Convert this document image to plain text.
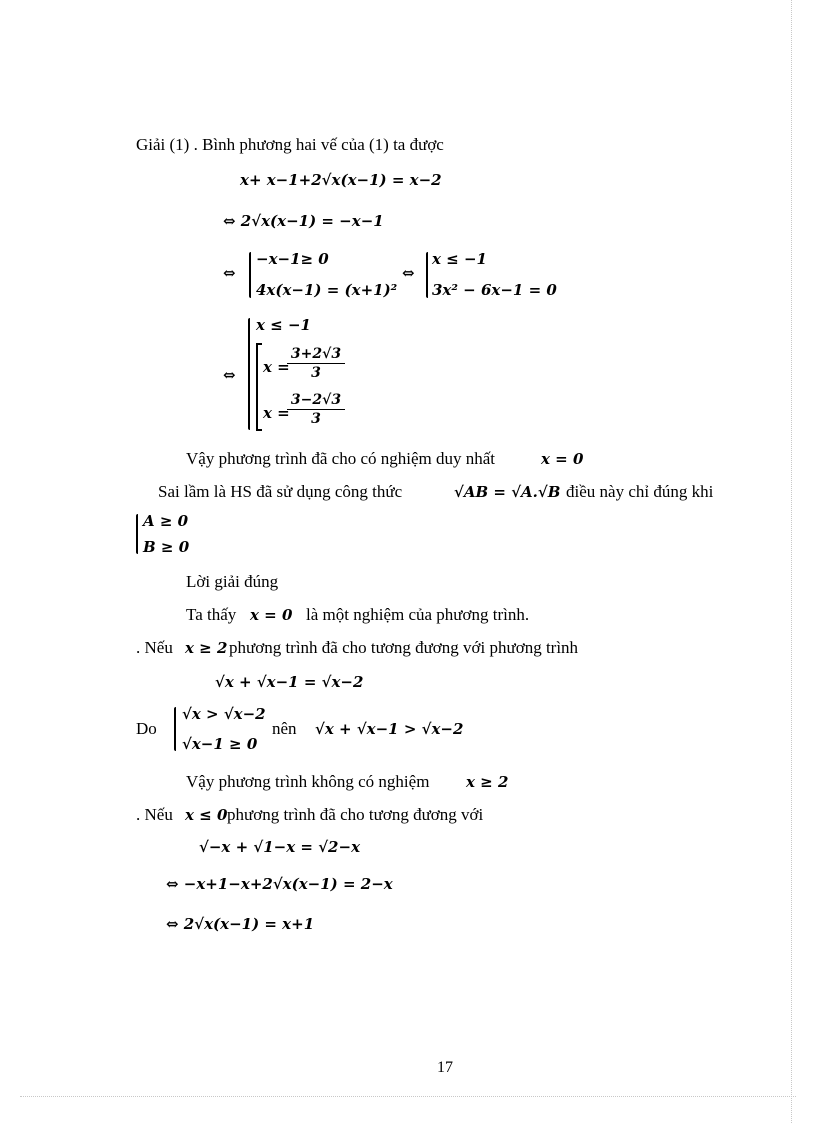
Giải (1) . Bình phương hai vế của (1) ta được
x+ x−1+2√x(x−1) = x−2
⇔ 2√x(x−1) = −x−1
⇔
−x−1≥ 0
4x(x−1) = (x+1)²
⇔
x ≤ −1
3x² − 6x−1 = 0
⇔
x ≤ −1
x =
$\frac{3+2√3}{3}$
x =
$\frac{3-2√3}{3}$
Vậy phương trình đã cho có nghiệm duy nhất	x = 0
Sai lầm là HS đã sử dụng công thức	√AB = √A.√B điều này chỉ đúng khi
A ≥ 0
B ≥ 0
Lời giải đúng
Ta thấy x = 0 là một nghiệm của phương trình.
. Nếu x ≥ 2 phương trình đã cho tương đương với phương trình
√x + √x−1 = √x−2
Do
√x > √x−2
√x−1 ≥ 0
nên √x + √x−1 > √x−2
Vậy phương trình không có nghiệm x ≥ 2
. Nếu x ≤ 0 phương trình đã cho tương đương với
√−x + √1−x = √2−x
⇔ −x+1−x+2√x(x−1) = 2−x
⇔ 2√x(x−1) = x+1
17
